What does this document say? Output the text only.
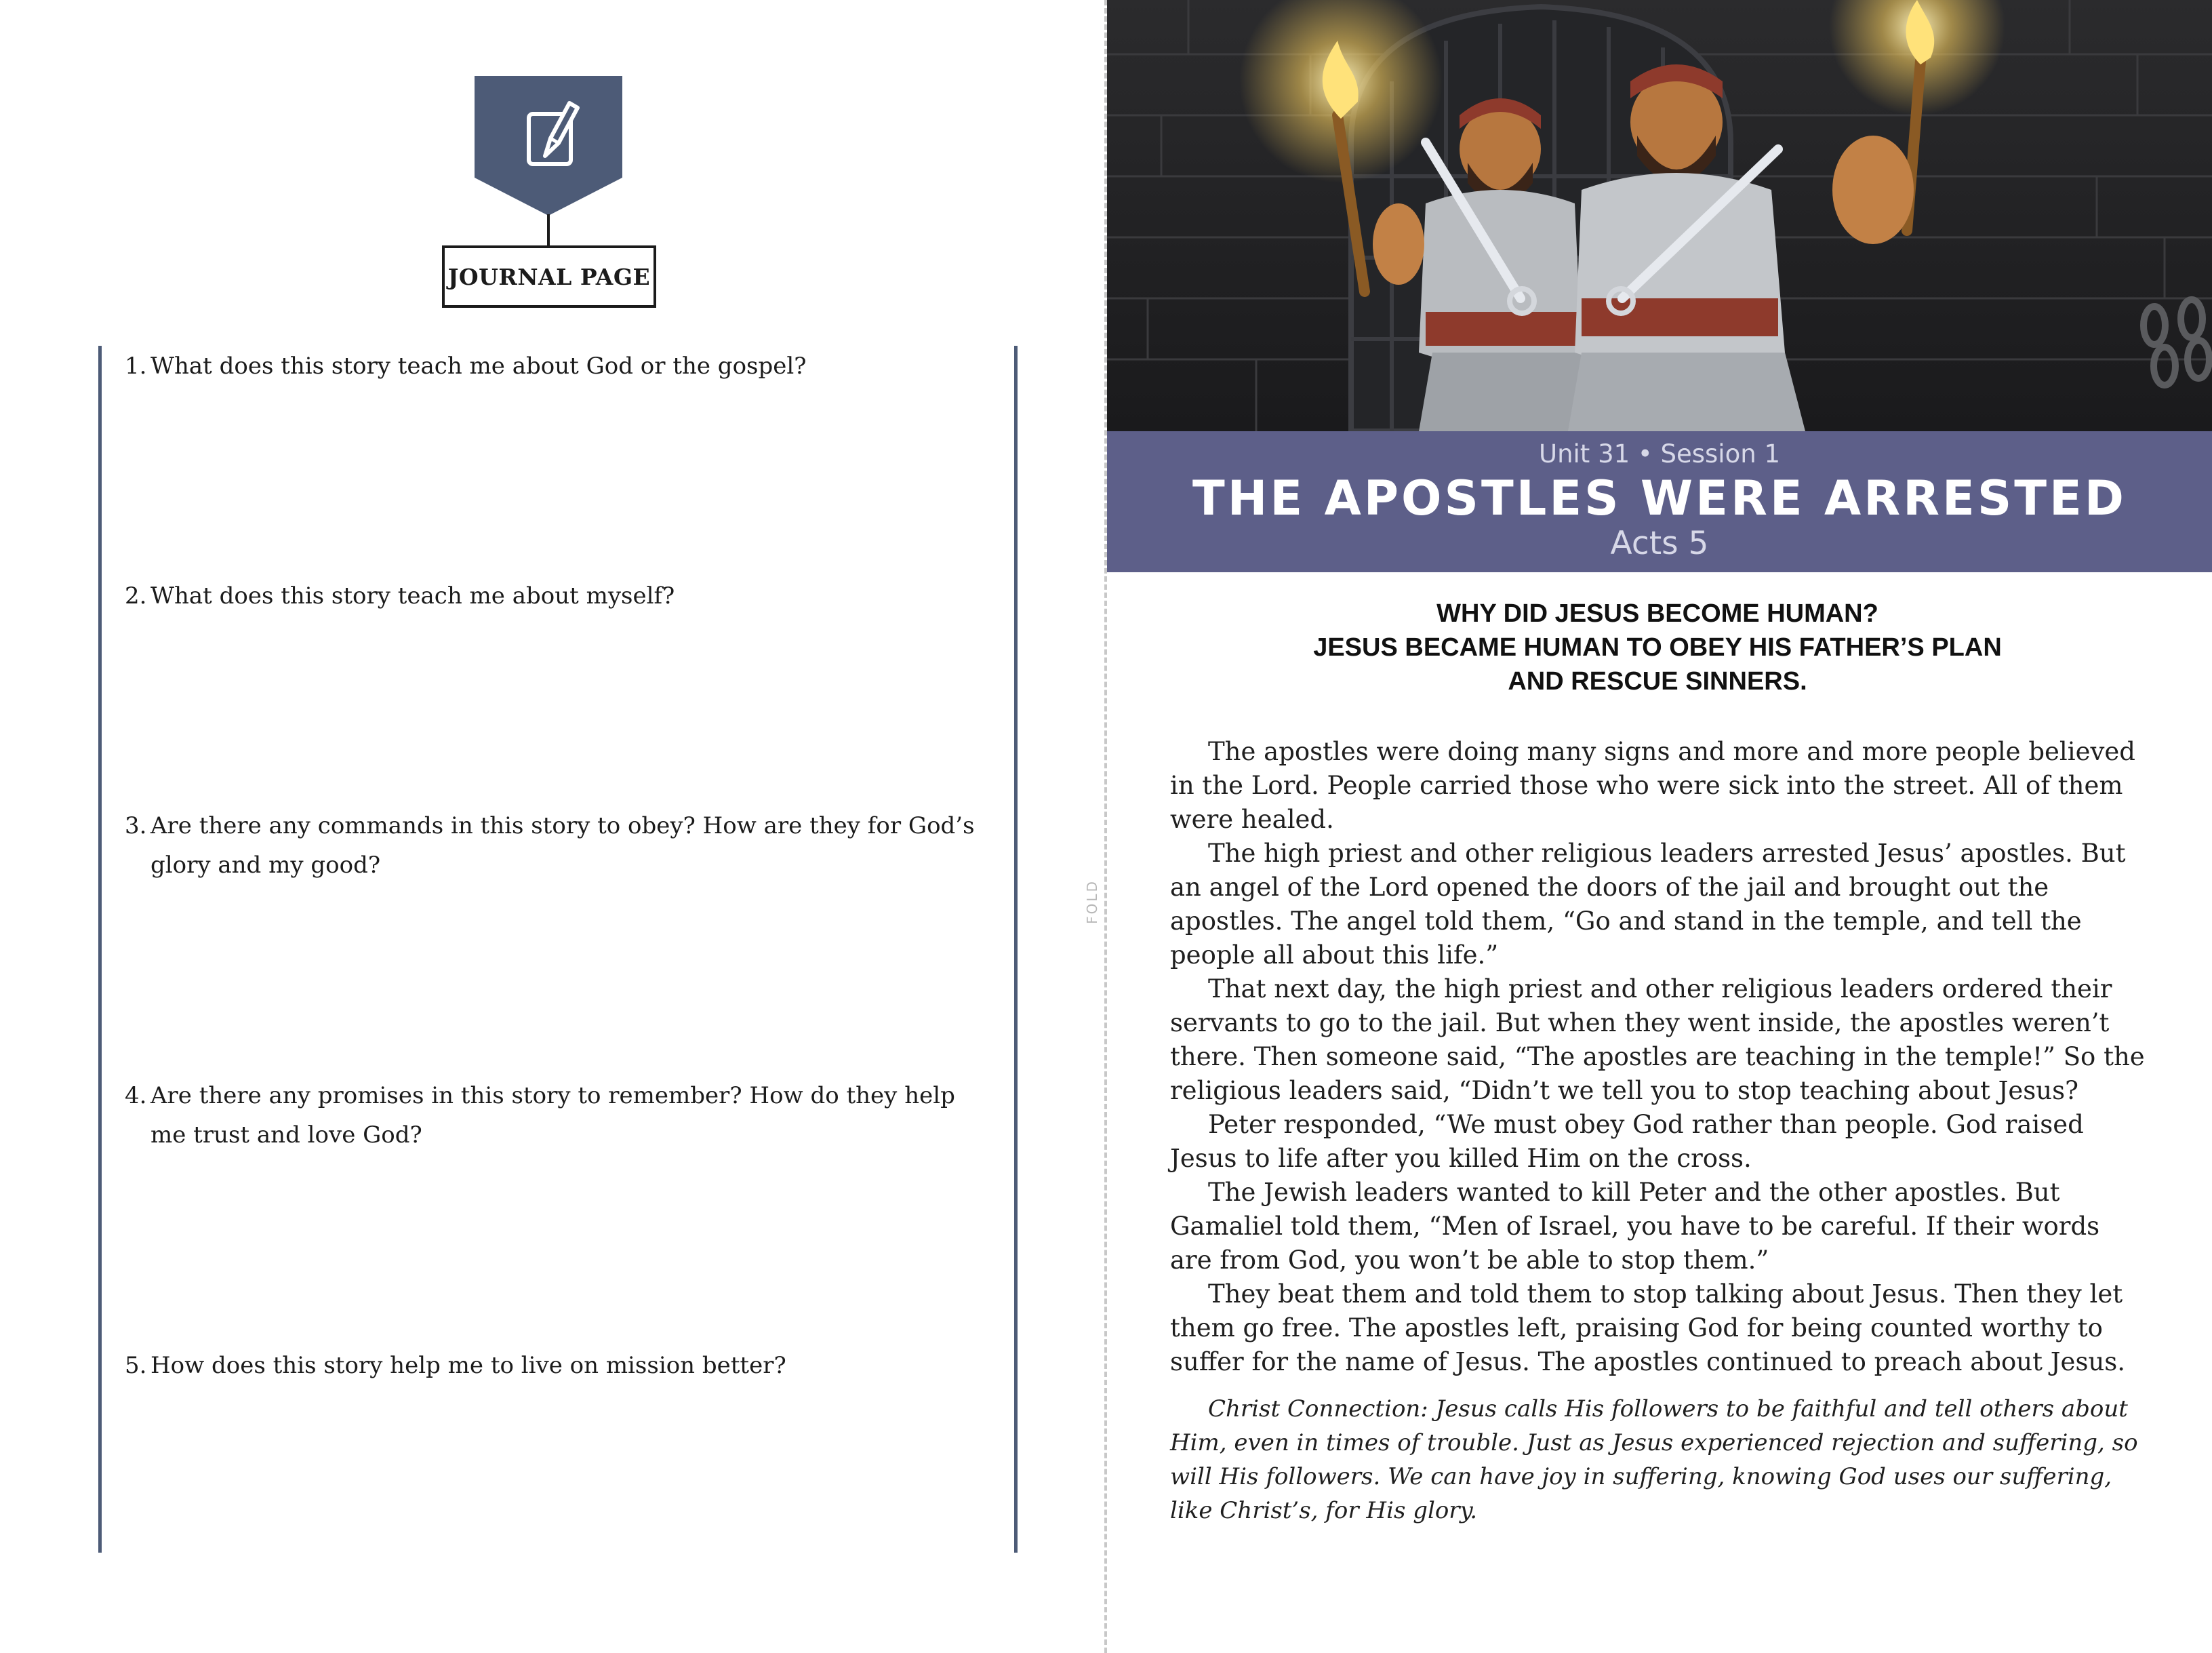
JOURNAL PAGE
1. What does this story teach me about God or the gospel?
2. What does this story teach me about myself?
3. Are there any commands in this story to obey? How are they for God’s glory and my good?
4. Are there any promises in this story to remember? How do they help me trust and love God?
5. How does this story help me to live on mission better?
FOLD
Unit 31 • Session 1
THE APOSTLES WERE ARRESTED
Acts 5
WHY DID JESUS BECOME HUMAN?
JESUS BECAME HUMAN TO OBEY HIS FATHER’S PLAN
AND RESCUE SINNERS.

The apostles were doing many signs and more and more people believed in the Lord. People carried those who were sick into the street. All of them were healed.

The high priest and other religious leaders arrested Jesus’ apostles. But an angel of the Lord opened the doors of the jail and brought out the apostles. The angel told them, “Go and stand in the temple, and tell the people all about this life.”

That next day, the high priest and other religious leaders ordered their servants to go to the jail. But when they went inside, the apostles weren’t there. Then someone said, “The apostles are teaching in the temple!” So the religious leaders said, “Didn’t we tell you to stop teaching about Jesus?

Peter responded, “We must obey God rather than people. God raised Jesus to life after you killed Him on the cross.

The Jewish leaders wanted to kill Peter and the other apostles. But Gamaliel told them, “Men of Israel, you have to be careful. If their words are from God, you won’t be able to stop them.”

They beat them and told them to stop talking about Jesus. Then they let them go free. The apostles left, praising God for being counted worthy to suffer for the name of Jesus. The apostles continued to preach about Jesus.

Christ Connection: Jesus calls His followers to be faithful and tell others about Him, even in times of trouble. Just as Jesus experienced rejection and suffering, so will His followers. We can have joy in suffering, knowing God uses our suffering, like Christ’s, for His glory.
